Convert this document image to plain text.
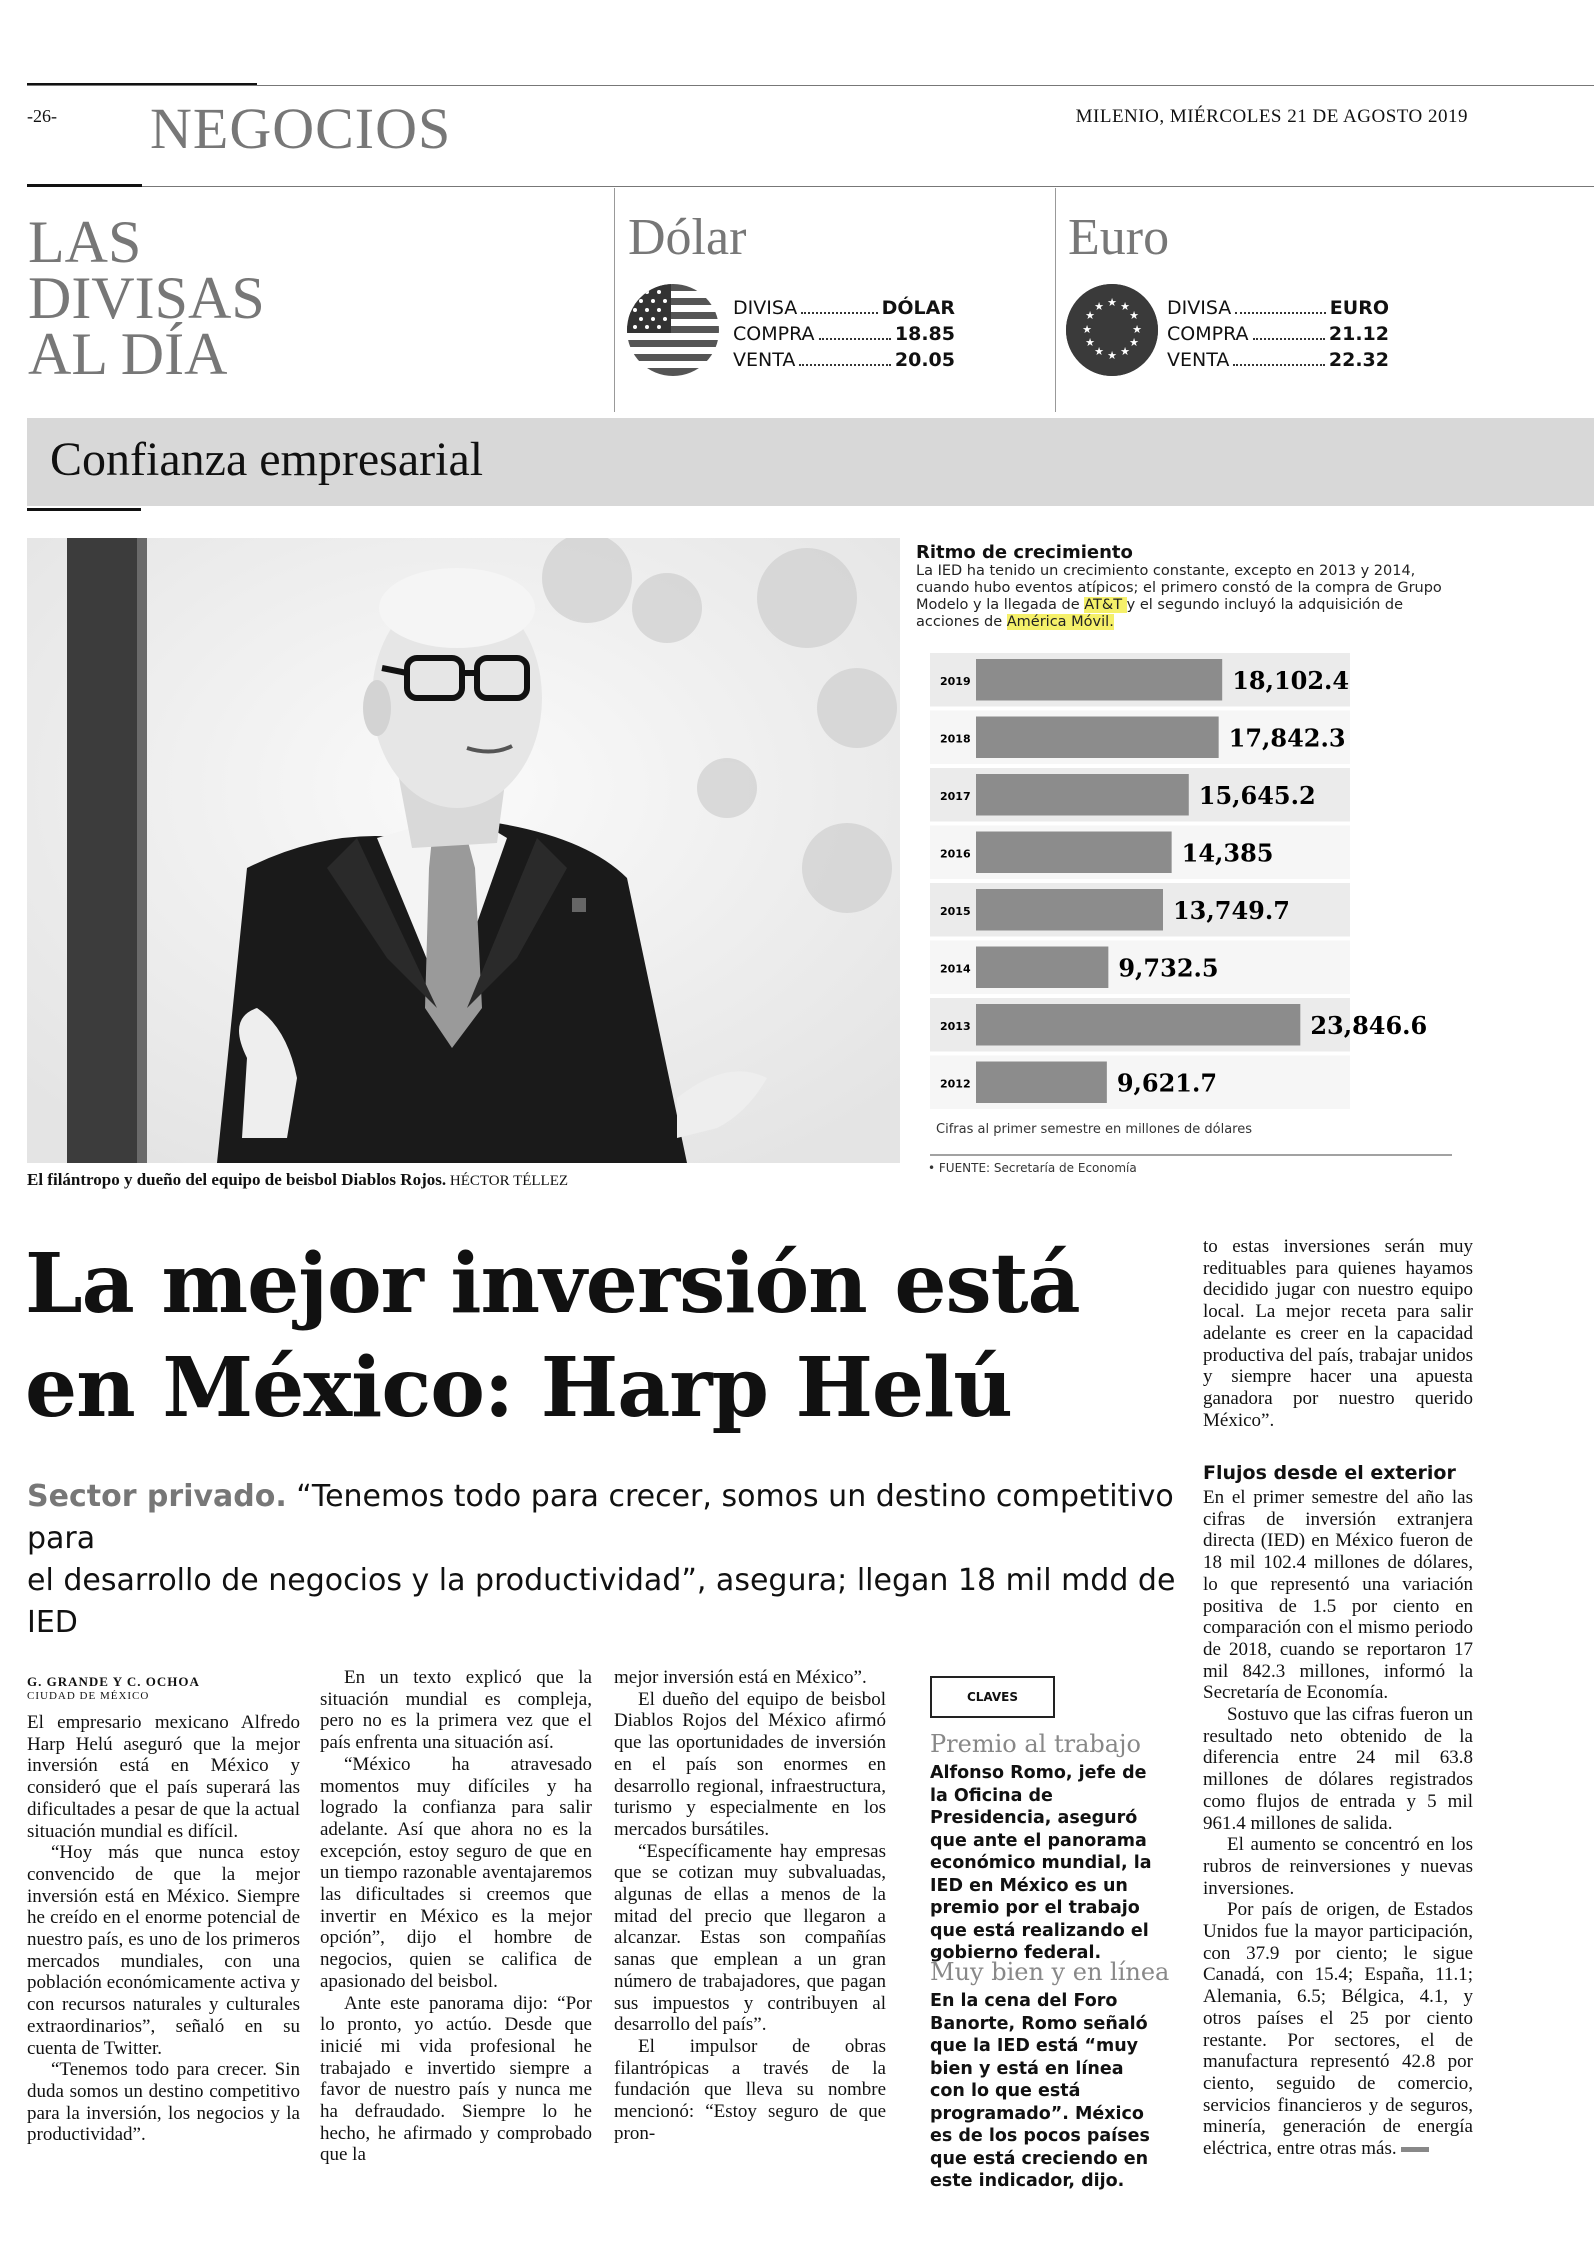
-26- NEGOCIOS	MILENIO, MIÉRCOLES 21 DE AGOSTO 2019
LAS
DIVISAS
AL DÍA
Dólar
DIVISA	DÓLAR
COMPRA	18.85
VENTA	20.05
Euro
★ ★
★
★
★
★
★
★
★
★
★
★	DIVISA	EURO
COMPRA	21.12
VENTA	22.32
Confianza empresarial
El filántropo y dueño del equipo de beisbol Diablos Rojos. HÉCTOR TÉLLEZ
Ritmo de crecimiento
La IED ha tenido un crecimiento constante, excepto en 2013 y 2014, cuando hubo eventos atípicos; el primero constó de la compra de Grupo Modelo y la llegada de AT&T y el segundo incluyó la adquisición de acciones de América Móvil.
2019	18,102.4
2018	17,842.3
2017	15,645.2
2016	14,385
2015	13,749.7
2014	9,732.5
2013	23,846.6
2012	9,621.7
Cifras al primer semestre en millones de dólares
• FUENTE: Secretaría de Economía
La mejor inversión está
en México: Harp Helú
Sector privado. “Tenemos todo para crecer, somos un destino competitivo para
el desarrollo de negocios y la productividad”, asegura; llegan 18 mil mdd de IED
G. GRANDE Y C. OCHOA
CIUDAD DE MÉXICO

El empresario mexicano Alfredo Harp Helú aseguró que la mejor inversión está en México y consideró que el país superará las dificultades a pesar de que la actual situación mundial es difícil.

“Hoy más que nunca estoy convencido de que la mejor inversión está en México. Siempre he creído en el enorme potencial de nuestro país, es uno de los primeros mercados mundiales, con una población económicamente activa y con recursos naturales y culturales extraordinarios”, señaló en su cuenta de Twitter.

“Tenemos todo para crecer. Sin duda somos un destino competitivo para la inversión, los negocios y la productividad”.

En un texto explicó que la situación mundial es compleja, pero no es la primera vez que el país enfrenta una situación así.

“México ha atravesado momentos muy difíciles y ha logrado la confianza para salir adelante. Así que ahora no es la excepción, estoy seguro de que en un tiempo razonable aventajaremos las dificultades si creemos que invertir en México es la mejor opción”, dijo el hombre de negocios, quien se califica de apasionado del beisbol.

Ante este panorama dijo: “Por lo pronto, yo actúo. Desde que inicié mi vida profesional he trabajado e invertido siempre a favor de nuestro país y nunca me ha defraudado. Siempre lo he hecho, he afirmado y comprobado que la

mejor inversión está en México”.

El dueño del equipo de beisbol Diablos Rojos del México afirmó que las oportunidades de inversión en el país son enormes en desarrollo regional, infraestructura, turismo y especialmente en los mercados bursátiles.

“Específicamente hay empresas que se cotizan muy subvaluadas, algunas de ellas a menos de la mitad del precio que llegaron a alcanzar. Estas son compañías sanas que emplean a un gran número de trabajadores, que pagan sus impuestos y contribuyen al desarrollo del país”.

El impulsor de obras filantrópicas a través de la fundación que lleva su nombre mencionó: “Estoy seguro de que pron-

CLAVES
Premio al trabajo
Alfonso Romo, jefe de la Oficina de Presidencia, aseguró que ante el panorama económico mundial, la IED en México es un premio por el trabajo que está realizando el gobierno federal.
Muy bien y en línea
En la cena del Foro Banorte, Romo señaló que la IED está “muy bien y está en línea con lo que está programado”. México es de los pocos países que está creciendo en este indicador, dijo.

to estas inversiones serán muy redituables para quienes hayamos decidido jugar con nuestro equipo local. La mejor receta para salir adelante es creer en la capacidad productiva del país, trabajar unidos y siempre hacer una apuesta ganadora por nuestro querido México”.

Flujos desde el exterior

En el primer semestre del año las cifras de inversión extranjera directa (IED) en México fueron de 18 mil 102.4 millones de dólares, lo que representó una variación positiva de 1.5 por ciento en comparación con el mismo periodo de 2018, cuando se reportaron 17 mil 842.3 millones, informó la Secretaría de Economía.

Sostuvo que las cifras fueron un resultado neto obtenido de la diferencia entre 24 mil 63.8 millones de dólares registrados como flujos de entrada y 5 mil 961.4 millones de salida.

El aumento se concentró en los rubros de reinversiones y nuevas inversiones.

Por país de origen, de Estados Unidos fue la mayor participación, con 37.9 por ciento; le sigue Canadá, con 15.4; España, 11.1; Alemania, 6.5; Bélgica, 4.1, y otros países el 25 por ciento restante. Por sectores, el de manufactura representó 42.8 por ciento, seguido de comercio, servicios financieros y de seguros, minería, generación de energía eléctrica, entre otras más.
